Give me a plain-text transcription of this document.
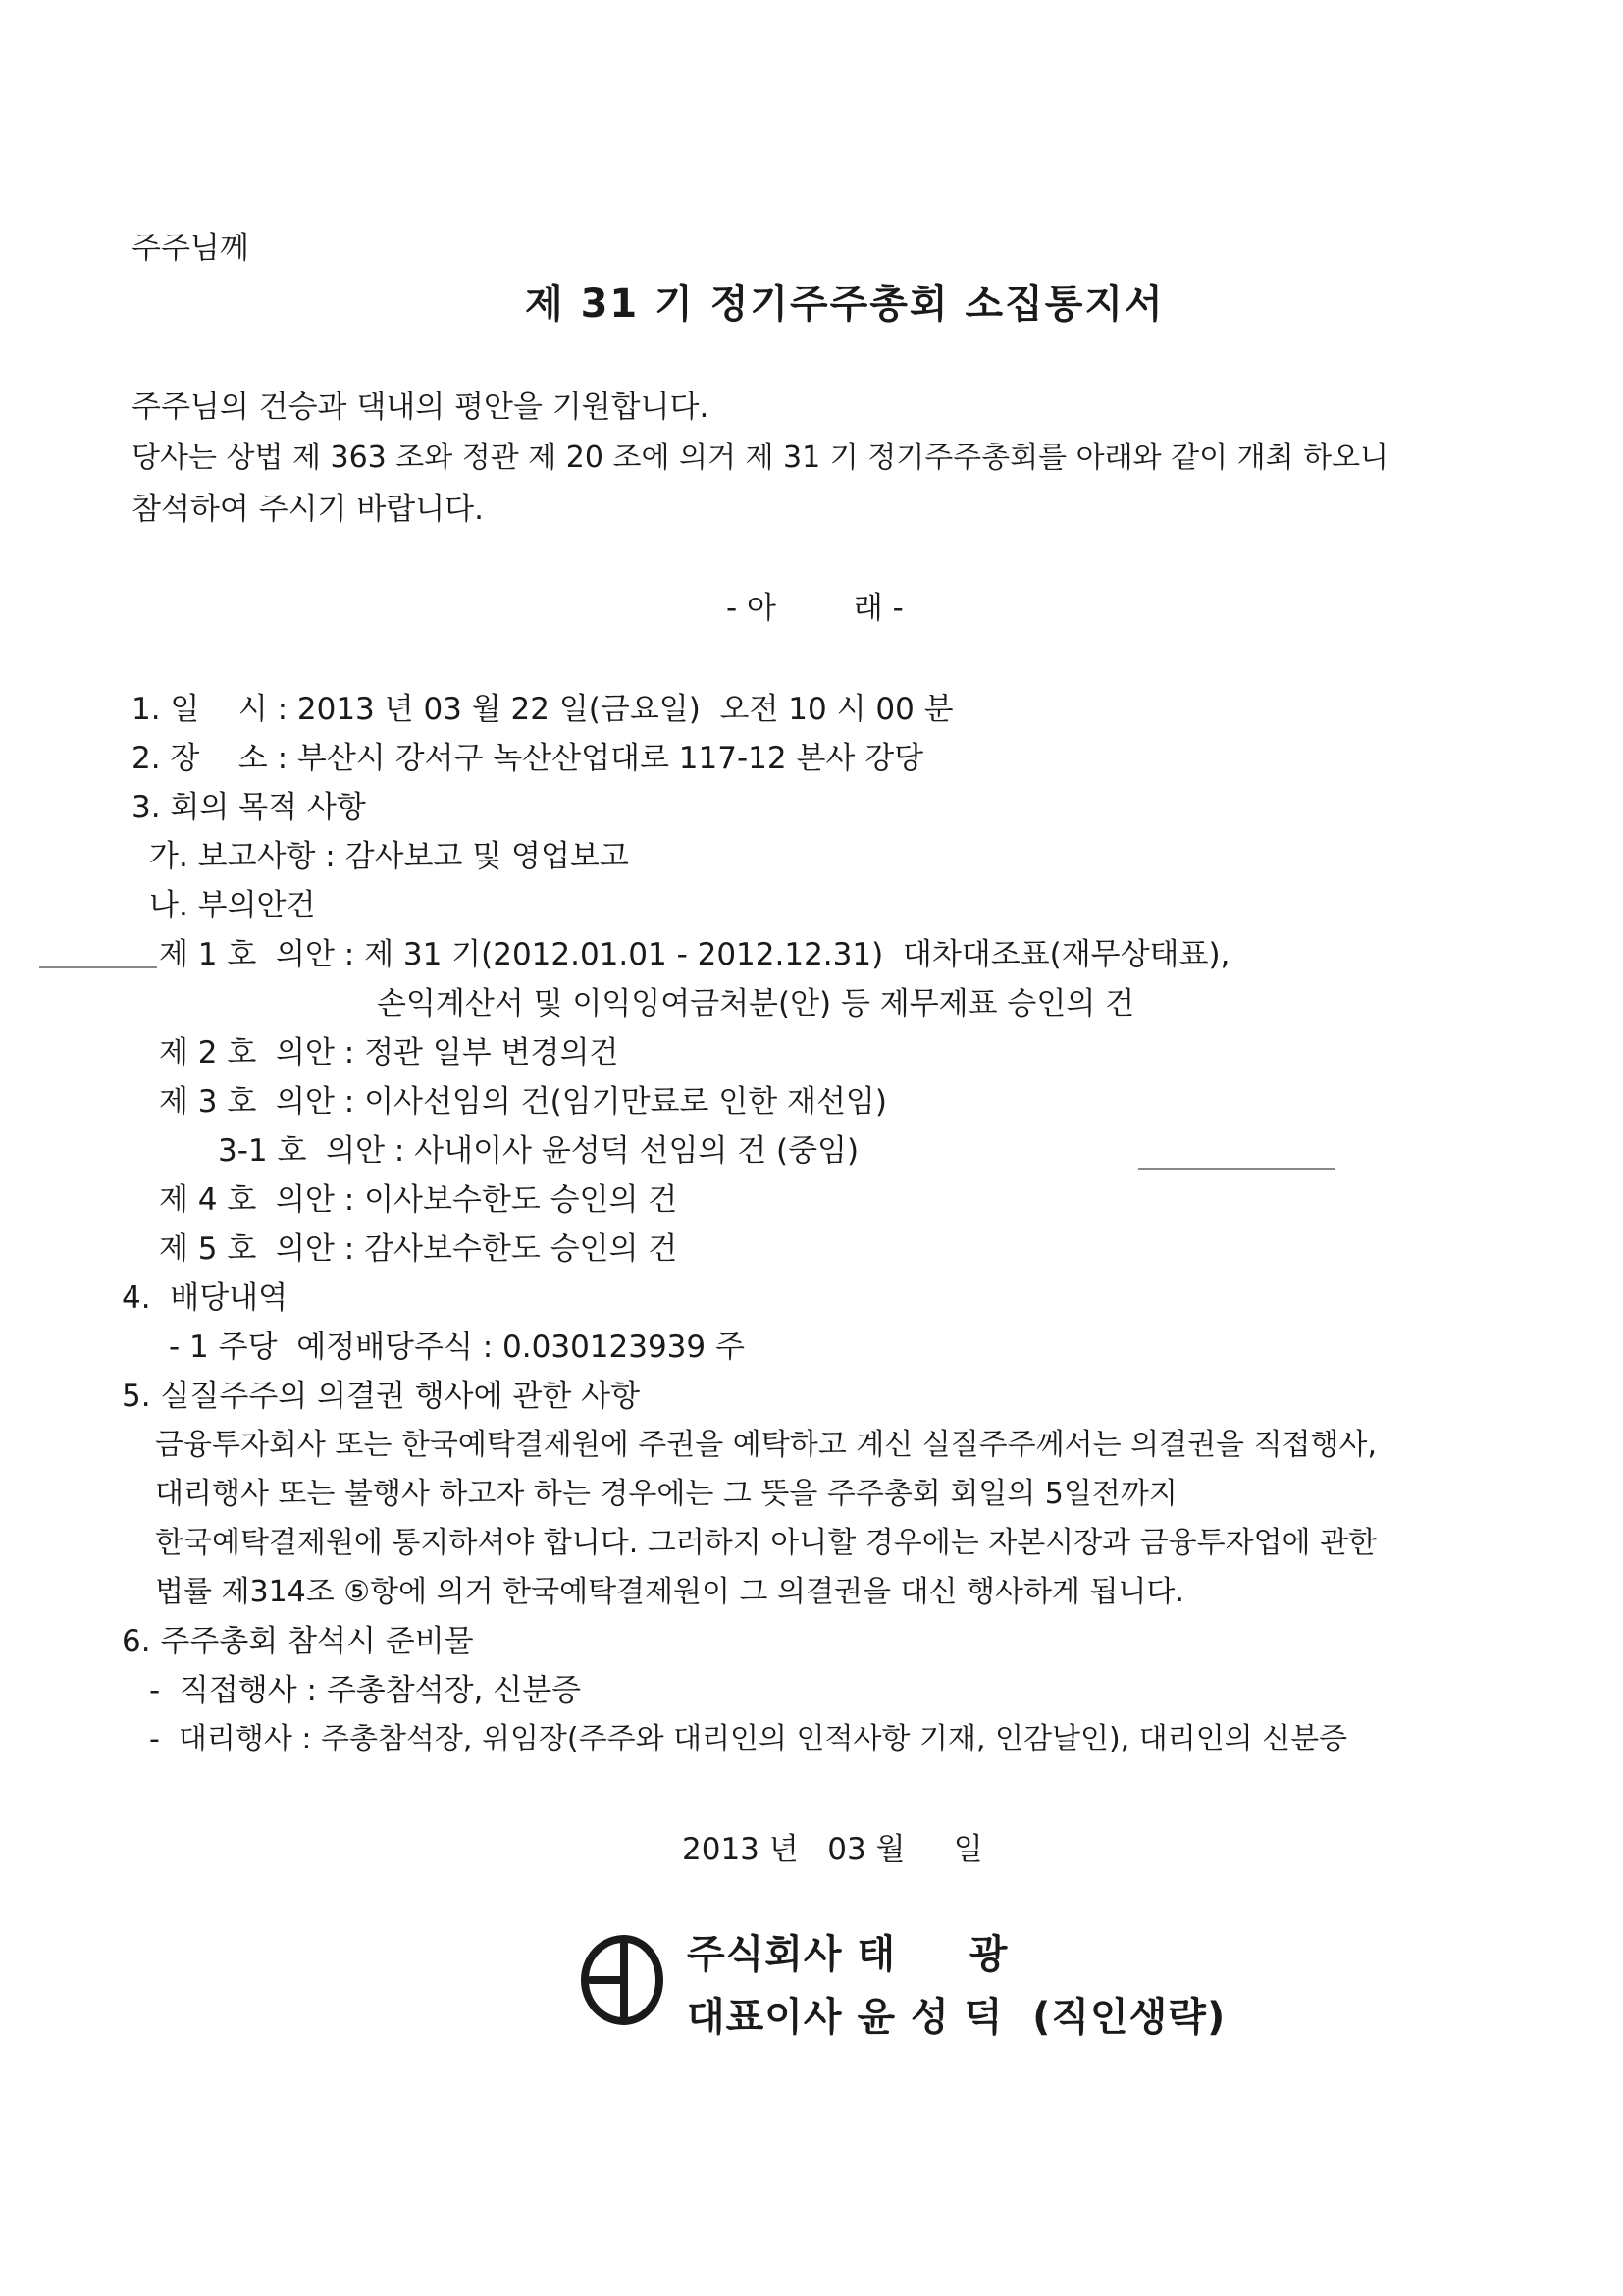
주주님께
제 31 기 정기주주총회 소집통지서
주주님의 건승과 댁내의 평안을 기원합니다.
당사는 상법 제 363 조와 정관 제 20 조에 의거 제 31 기 정기주주총회를 아래와 같이 개최 하오니
참석하여 주시기 바랍니다.
- 아        래 -
1. 일    시 : 2013 년 03 월 22 일(금요일)  오전 10 시 00 분
2. 장    소 : 부산시 강서구 녹산산업대로 117-12 본사 강당
3. 회의 목적 사항
가. 보고사항 : 감사보고 및 영업보고
나. 부의안건
제 1 호  의안 : 제 31 기(2012.01.01 - 2012.12.31)  대차대조표(재무상태표),
손익계산서 및 이익잉여금처분(안) 등 제무제표 승인의 건
제 2 호  의안 : 정관 일부 변경의건
제 3 호  의안 : 이사선임의 건(임기만료로 인한 재선임)
3-1 호  의안 : 사내이사 윤성덕 선임의 건 (중임)
제 4 호  의안 : 이사보수한도 승인의 건
제 5 호  의안 : 감사보수한도 승인의 건
4.  배당내역
- 1 주당  예정배당주식 : 0.030123939 주
5. 실질주주의 의결권 행사에 관한 사항
금융투자회사 또는 한국예탁결제원에 주권을 예탁하고 계신 실질주주께서는 의결권을 직접행사,
대리행사 또는 불행사 하고자 하는 경우에는 그 뜻을 주주총회 회일의 5일전까지
한국예탁결제원에 통지하셔야 합니다. 그러하지 아니할 경우에는 자본시장과 금융투자업에 관한
법률 제314조 ⑤항에 의거 한국예탁결제원이 그 의결권을 대신 행사하게 됩니다.
6. 주주총회 참석시 준비물
-  직접행사 : 주총참석장, 신분증
-  대리행사 : 주총참석장, 위임장(주주와 대리인의 인적사항 기재, 인감날인), 대리인의 신분증
2013 년   03 월     일
주식회사 태     광
대표이사 윤 성 덕  (직인생략)
